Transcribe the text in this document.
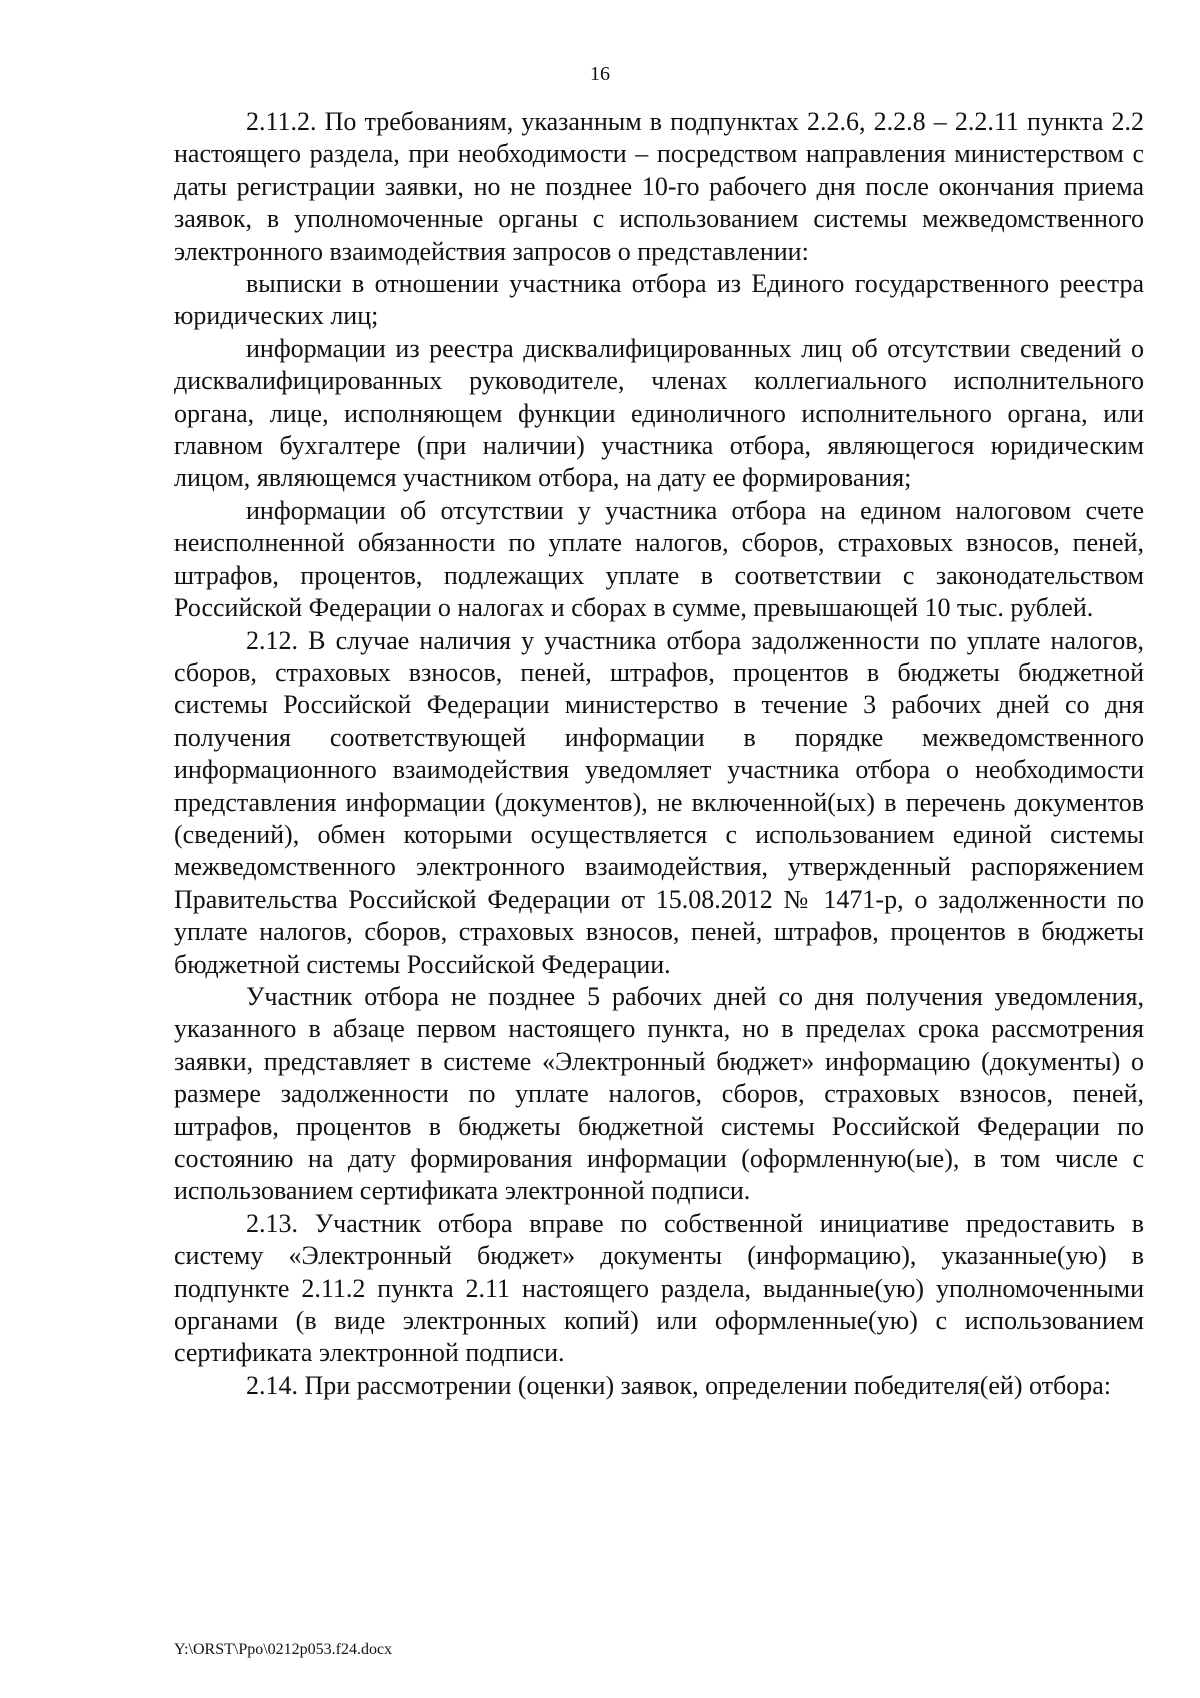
16

2.11.2. По требованиям, указанным в подпунктах 2.2.6, 2.2.8 – 2.2.11 пункта 2.2 настоящего раздела, при необходимости – посредством направления министерством с даты регистрации заявки, но не позднее 10-го рабочего дня после окончания приема заявок, в уполномоченные органы с использованием системы межведомственного электронного взаимодействия запросов о представлении:

выписки в отношении участника отбора из Единого государственного реестра юридических лиц;

информации из реестра дисквалифицированных лиц об отсутствии сведений о дисквалифицированных руководителе, членах коллегиального исполнительного органа, лице, исполняющем функции единоличного исполнительного органа, или главном бухгалтере (при наличии) участника отбора, являющегося юридическим лицом, являющемся участником отбора, на дату ее формирования;

информации об отсутствии у участника отбора на едином налоговом счете неисполненной обязанности по уплате налогов, сборов, страховых взносов, пеней, штрафов, процентов, подлежащих уплате в соответствии с законодательством Российской Федерации о налогах и сборах в сумме, превышающей 10 тыс. рублей.

2.12. В случае наличия у участника отбора задолженности по уплате налогов, сборов, страховых взносов, пеней, штрафов, процентов в бюджеты бюджетной системы Российской Федерации министерство в течение 3 рабочих дней со дня получения соответствующей информации в порядке межведомственного информационного взаимодействия уведомляет участника отбора о необходимости представления информации (документов), не включенной(ых) в перечень документов (сведений), обмен которыми осуществляется с использованием единой системы межведомственного электронного взаимодействия, утвержденный распоряжением Правительства Российской Федерации от 15.08.2012 № 1471-р, о задолженности по уплате налогов, сборов, страховых взносов, пеней, штрафов, процентов в бюджеты бюджетной системы Российской Федерации.

Участник отбора не позднее 5 рабочих дней со дня получения уведомления, указанного в абзаце первом настоящего пункта, но в пределах срока рассмотрения заявки, представляет в системе «Электронный бюджет» информацию (документы) о размере задолженности по уплате налогов, сборов, страховых взносов, пеней, штрафов, процентов в бюджеты бюджетной системы Российской Федерации по состоянию на дату формирования информации (оформленную(ые), в том числе с использованием сертификата электронной подписи.

2.13. Участник отбора вправе по собственной инициативе предоставить в систему «Электронный бюджет» документы (информацию), указанные(ую) в подпункте 2.11.2 пункта 2.11 настоящего раздела, выданные(ую) уполномоченными органами (в виде электронных копий) или оформленные(ую) с использованием сертификата электронной подписи.

2.14. При рассмотрении (оценки) заявок, определении победителя(ей) отбора:

Y:\ORST\Ppo\0212p053.f24.docx
